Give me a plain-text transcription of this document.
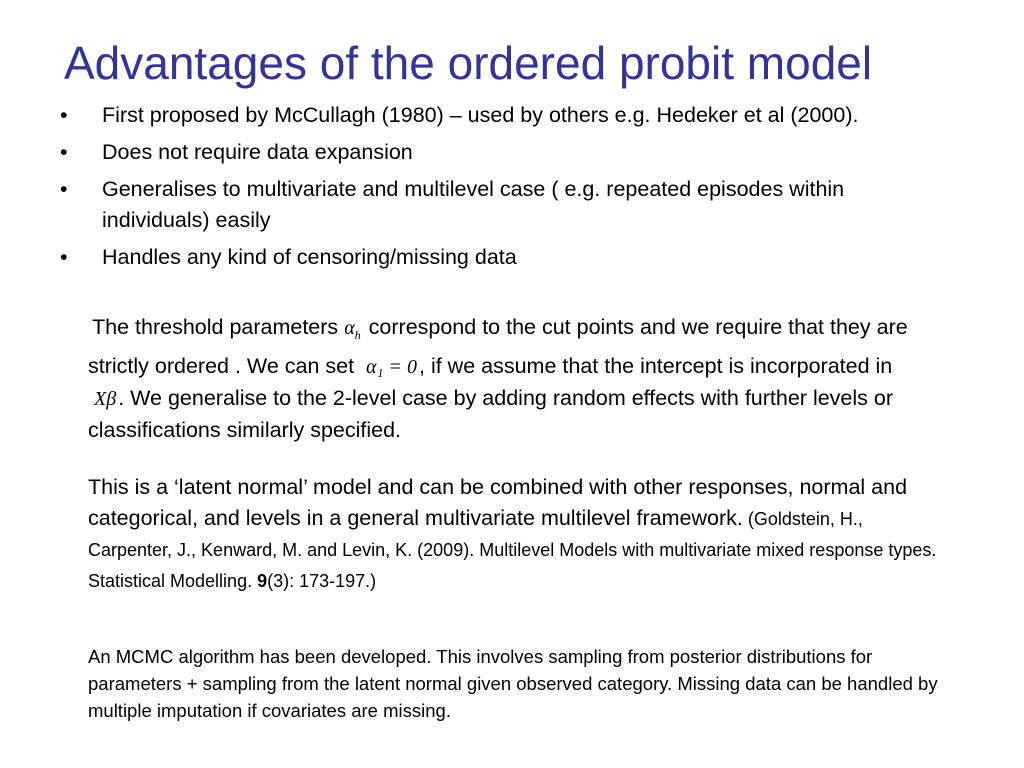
Advantages of the ordered probit model
• First proposed by McCullagh (1980) – used by others e.g. Hedeker et al (2000).
• Does not require data expansion
• Generalises to multivariate and multilevel case ( e.g. repeated episodes within individuals) easily
• Handles any kind of censoring/missing data

The threshold parameters $\alpha_h$ correspond to the cut points and we require that they are strictly ordered . We can set α₁ = 0, if we assume that the intercept is incorporated in Xβ. We generalise to the 2-level case by adding random effects with further levels or classifications similarly specified.

This is a ‘latent normal’ model and can be combined with other responses, normal and categorical, and levels in a general multivariate multilevel framework. (Goldstein, H., Carpenter, J., Kenward, M. and Levin, K. (2009). Multilevel Models with multivariate mixed response types. Statistical Modelling. 9(3): 173-197.)

An MCMC algorithm has been developed. This involves sampling from posterior distributions for parameters + sampling from the latent normal given observed category. Missing data can be handled by multiple imputation if covariates are missing.
